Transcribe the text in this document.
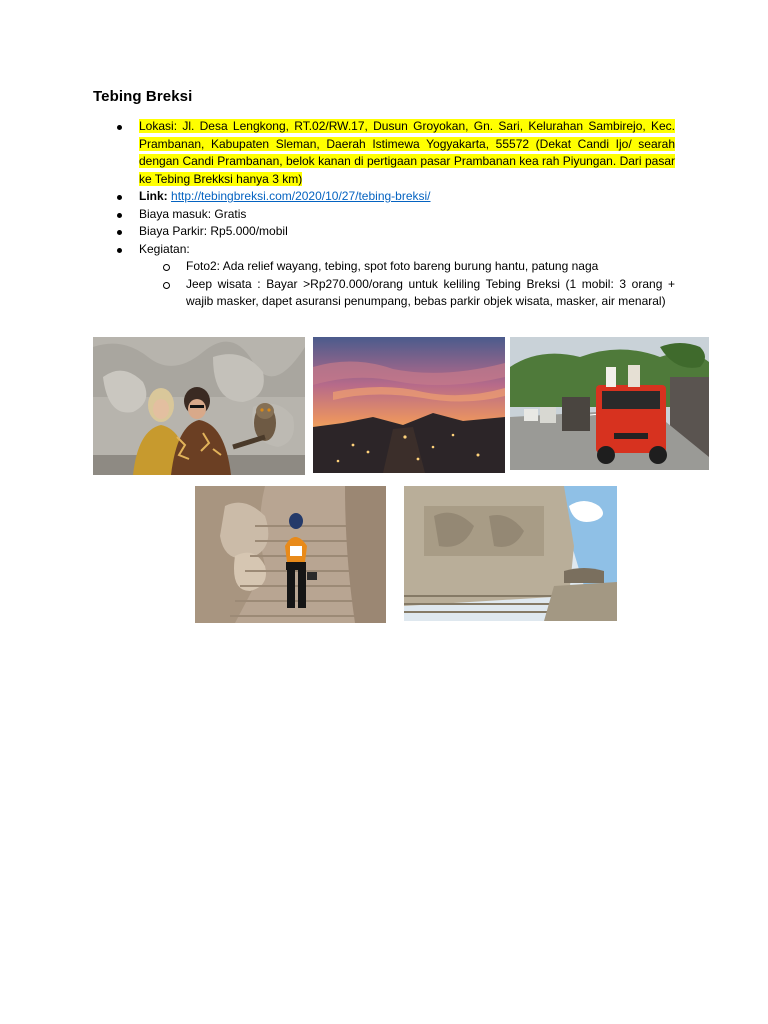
Tebing Breksi
Lokasi: Jl. Desa Lengkong, RT.02/RW.17, Dusun Groyokan, Gn. Sari, Kelurahan Sambirejo, Kec. Prambanan, Kabupaten Sleman, Daerah Istimewa Yogyakarta, 55572 (Dekat Candi Ijo/ searah dengan Candi Prambanan, belok kanan di pertigaan pasar Prambanan kea rah Piyungan. Dari pasar ke Tebing Brekksi hanya 3 km)
Link: http://tebingbreksi.com/2020/10/27/tebing-breksi/
Biaya masuk: Gratis
Biaya Parkir: Rp5.000/mobil
Kegiatan:
Foto2: Ada relief wayang, tebing, spot foto bareng burung hantu, patung naga
Jeep wisata : Bayar >Rp270.000/orang untuk keliling Tebing Breksi (1 mobil: 3 orang + wajib masker, dapet asuransi penumpang, bebas parkir objek wisata, masker, air menaral)
